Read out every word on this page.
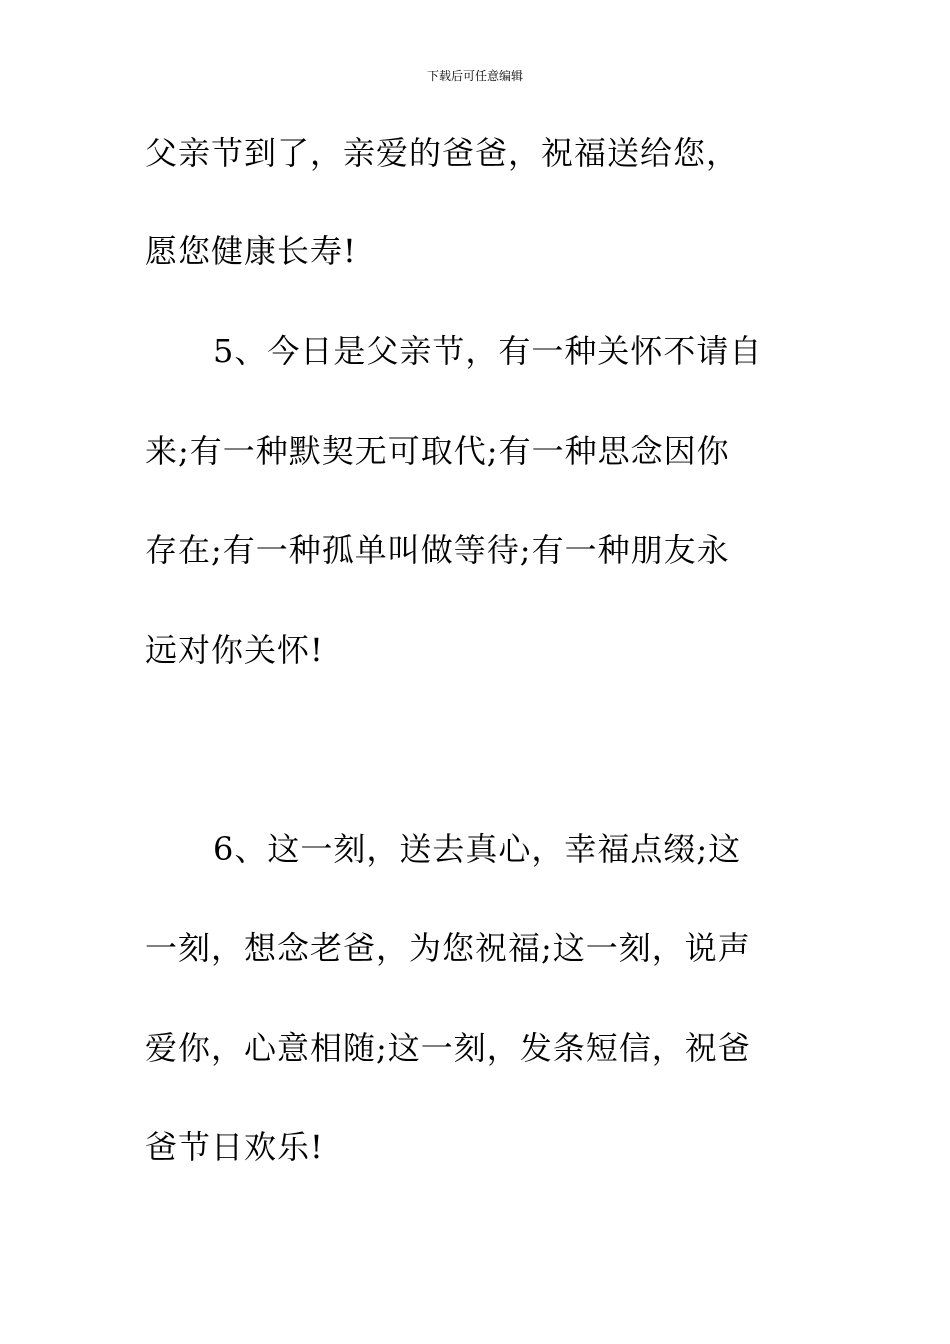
下载后可任意编辑
父亲节到了，亲爱的爸爸，祝福送给您，
愿您健康长寿!
5、今日是父亲节，有一种关怀不请自
来;有一种默契无可取代;有一种思念因你
存在;有一种孤单叫做等待;有一种朋友永
远对你关怀!
6、这一刻，送去真心，幸福点缀;这
一刻，想念老爸，为您祝福;这一刻，说声
爱你，心意相随;这一刻，发条短信，祝爸
爸节日欢乐!
